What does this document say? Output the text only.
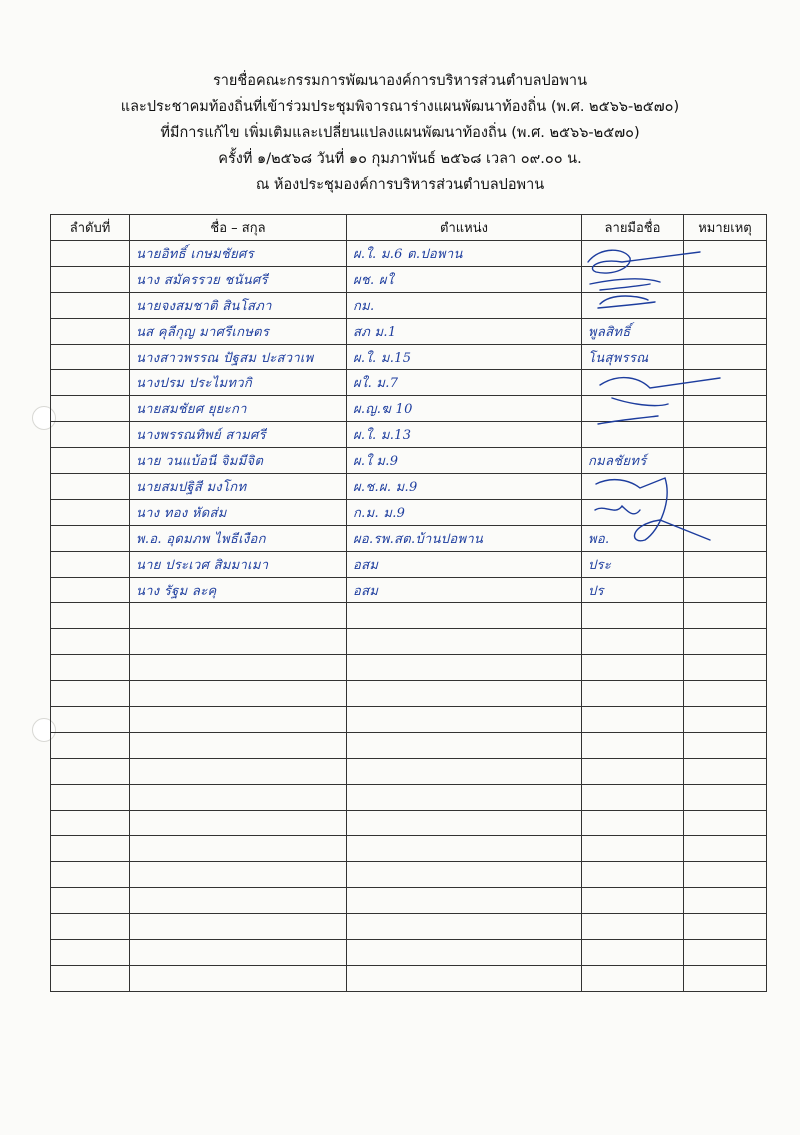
รายชื่อคณะกรรมการพัฒนาองค์การบริหารส่วนตำบลปอพาน
และประชาคมท้องถิ่นที่เข้าร่วมประชุมพิจารณาร่างแผนพัฒนาท้องถิ่น (พ.ศ. ๒๕๖๖-๒๕๗๐)
ที่มีการแก้ไข เพิ่มเติมและเปลี่ยนแปลงแผนพัฒนาท้องถิ่น (พ.ศ. ๒๕๖๖-๒๕๗๐)
ครั้งที่ ๑/๒๕๖๘ วันที่ ๑๐ กุมภาพันธ์ ๒๕๖๘ เวลา ๐๙.๐๐ น.
ณ ห้องประชุมองค์การบริหารส่วนตำบลปอพาน
ลำดับที่	ชื่อ – สกุล	ตำแหน่ง	ลายมือชื่อ	หมายเหตุ

	นายอิทธิ์ เกษมชัยศร	ผ.ใ. ม.6 ต.ปอพาน		

	นาง สมัครรวย ชนันศรี	ผช. ผใ		

	นายจงสมชาติ สินโสภา	กม.		

	นส คุลีกุญ มาศรีเกษตร	สภ ม.1	พูลสิทธิ์	

	นางสาวพรรณ ปัฐสม ปะสวาเพ	ผ.ใ. ม.15	โนสุพรรณ	

	นางปรม ประไมทวกิ	ผใ. ม.7		

	นายสมชัยศ ยุยะกา	ผ.ญ.ฆ 10		

	นางพรรณทิพย์ สามศรี	ผ.ใ. ม.13		

	นาย วนแบ้อนี จิมมีจิต	ผ.ใ ม.9	กมลชัยทร์	

	นายสมปฐิสี มงโกท	ผ.ช.ผ. ม.9		

	นาง ทอง หัดส่ม	ก.ม. ม.9		

	พ.อ. อุดมภพ ไพธีเงือก	ผอ.รพ.สต.บ้านปอพาน	พอ.	

	นาย ประเวศ สิมมาเมา	อสม	ประ	

	นาง รัฐม ละคุ	อสม	ปร	
